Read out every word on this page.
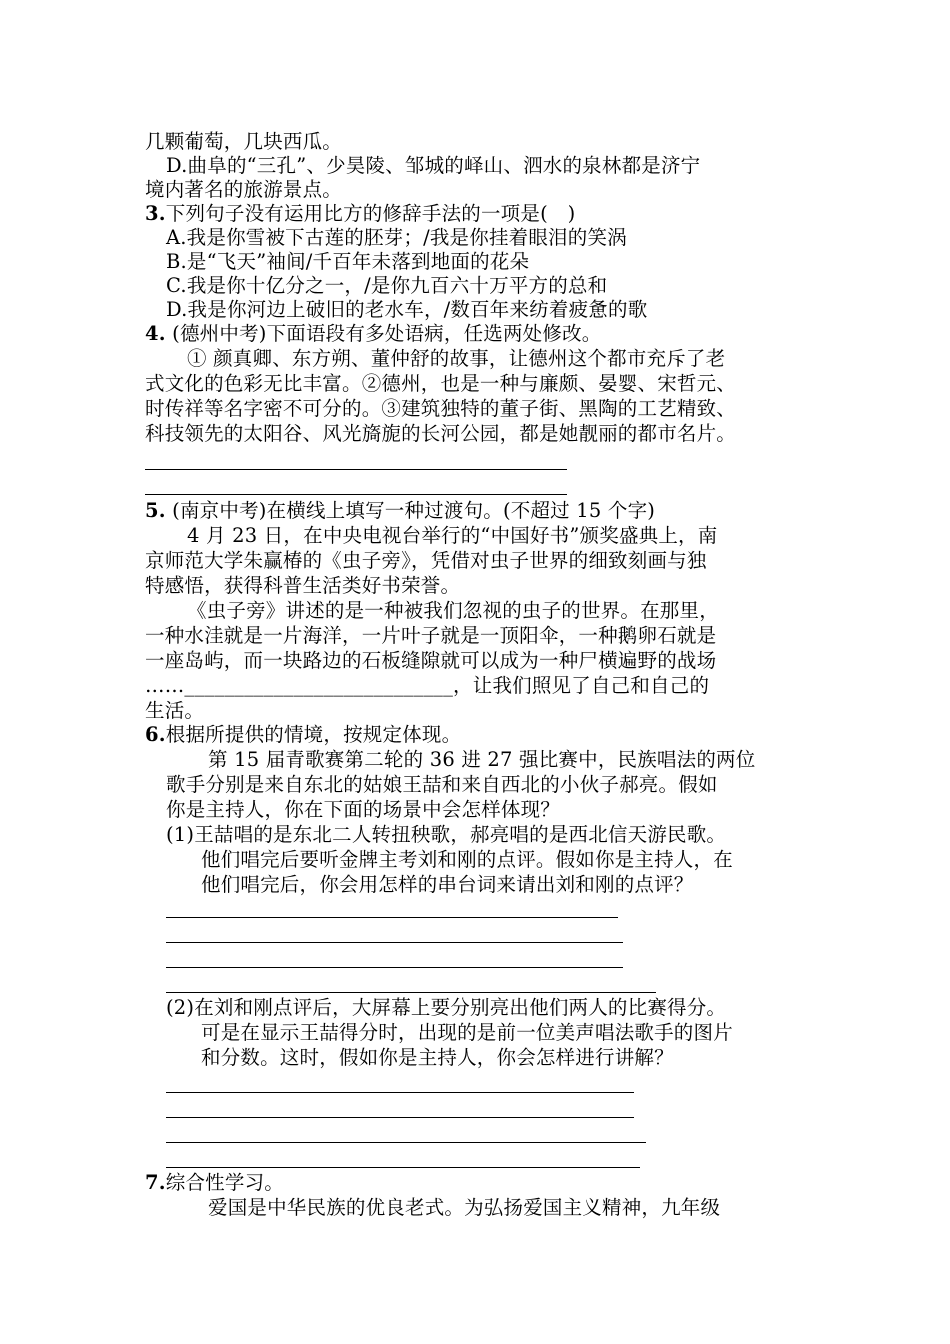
几颗葡萄，几块西瓜。
D.曲阜的“三孔”、少昊陵、邹城的峄山、泗水的泉林都是济宁
境内著名的旅游景点。
3.下列句子没有运用比方的修辞手法的一项是(　)
A.我是你雪被下古莲的胚芽；/我是你挂着眼泪的笑涡
B.是“飞天”袖间/千百年未落到地面的花朵
C.我是你十亿分之一，/是你九百六十万平方的总和
D.我是你河边上破旧的老水车，/数百年来纺着疲惫的歌
4. (德州中考)下面语段有多处语病，任选两处修改。
① 颜真卿、东方朔、董仲舒的故事，让德州这个都市充斥了老
式文化的色彩无比丰富。②德州，也是一种与廉颇、晏婴、宋哲元、
时传祥等名字密不可分的。③建筑独特的董子街、黑陶的工艺精致、
科技领先的太阳谷、风光旖旎的长河公园，都是她靓丽的都市名片。
5. (南京中考)在横线上填写一种过渡句。(不超过 15 个字)
4 月 23 日，在中央电视台举行的“中国好书”颁奖盛典上，南
京师范大学朱赢椿的《虫子旁》，凭借对虫子世界的细致刻画与独
特感悟，获得科普生活类好书荣誉。
《虫子旁》讲述的是一种被我们忽视的虫子的世界。在那里，
一种水洼就是一片海洋，一片叶子就是一顶阳伞，一种鹅卵石就是
一座岛屿，而一块路边的石板缝隙就可以成为一种尸横遍野的战场
……___________________________，让我们照见了自己和自己的
生活。
6.根据所提供的情境，按规定体现。
第 15 届青歌赛第二轮的 36 进 27 强比赛中，民族唱法的两位
歌手分别是来自东北的姑娘王喆和来自西北的小伙子郝亮。假如
你是主持人，你在下面的场景中会怎样体现？
(1)王喆唱的是东北二人转扭秧歌，郝亮唱的是西北信天游民歌。
他们唱完后要听金牌主考刘和刚的点评。假如你是主持人，在
他们唱完后，你会用怎样的串台词来请出刘和刚的点评？
(2)在刘和刚点评后，大屏幕上要分别亮出他们两人的比赛得分。
可是在显示王喆得分时，出现的是前一位美声唱法歌手的图片
和分数。这时，假如你是主持人，你会怎样进行讲解？
7.综合性学习。
爱国是中华民族的优良老式。为弘扬爱国主义精神，九年级
